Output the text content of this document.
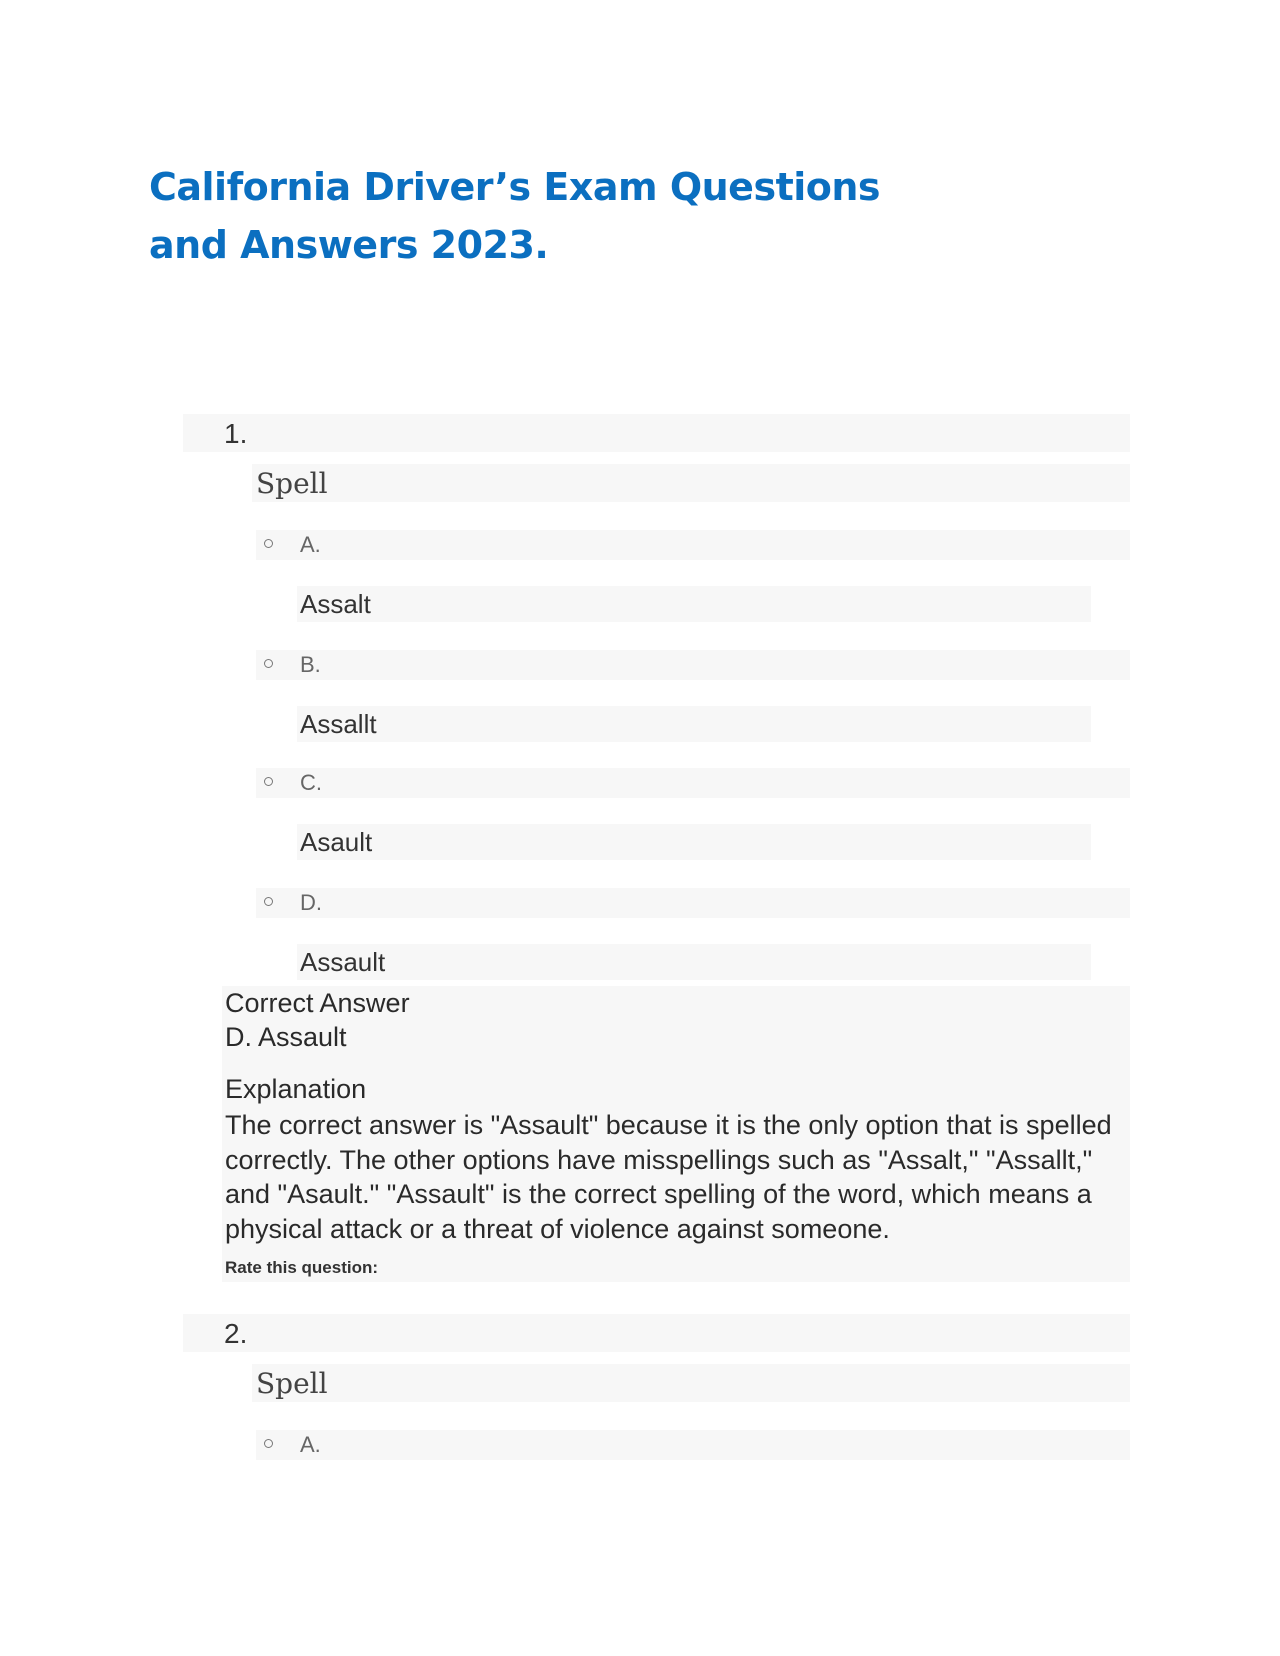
California Driver’s Exam Questions and Answers 2023.
1.
Spell
A.
Assalt
B.
Assallt
C.
Asault
D.
Assault
Correct Answer
D. Assault
Explanation
The correct answer is "Assault" because it is the only option that is spelled correctly. The other options have misspellings such as "Assalt," "Assallt," and "Asault." "Assault" is the correct spelling of the word, which means a physical attack or a threat of violence against someone.
Rate this question:
2.
Spell
A.
